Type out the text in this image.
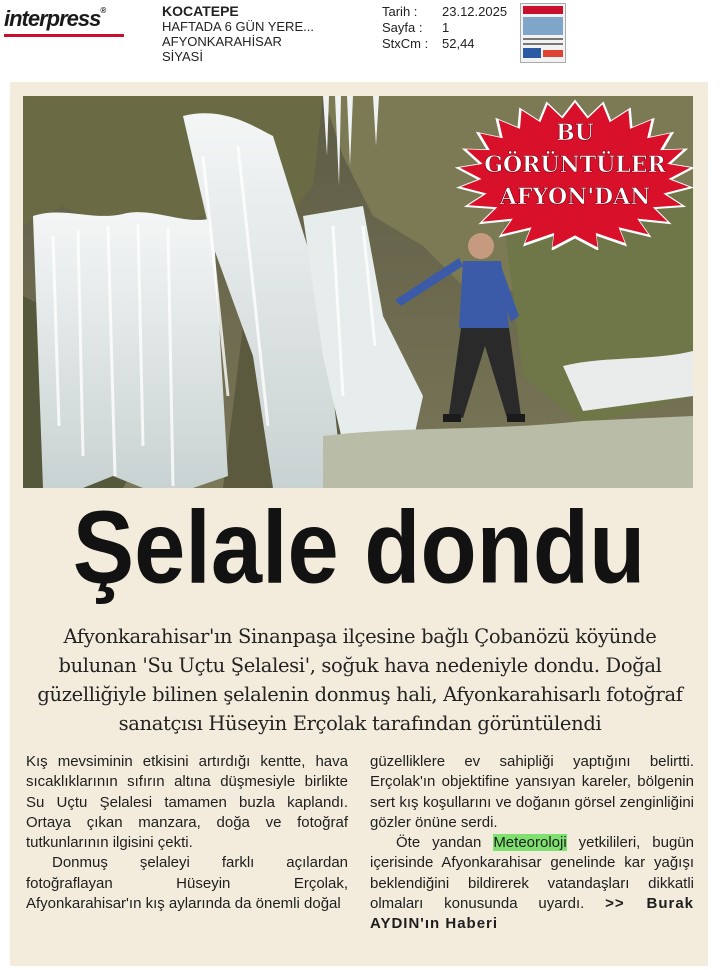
interpress®	KOCATEPE
HAFTADA 6 GÜN YERE...
AFYONKARAHİSAR
SİYASİ
Tarih : 23.12.2025
Sayfa : 1
StxCm : 52,44
BU
GÖRÜNTÜLER
AFYON'DAN
Şelale dondu
Afyonkarahisar'ın Sinanpaşa ilçesine bağlı Çobanözü köyünde bulunan 'Su Uçtu Şelalesi', soğuk hava nedeniyle dondu. Doğal güzelliğiyle bilinen şelalenin donmuş hali, Afyonkarahisarlı fotoğraf sanatçısı Hüseyin Erçolak tarafından görüntülendi

Kış mevsiminin etkisini artırdığı kentte, hava sıcaklıklarının sıfırın altına düşmesiyle birlikte Su Uçtu Şelalesi tamamen buzla kaplandı. Ortaya çıkan manzara, doğa ve fotoğraf tutkunlarının ilgisini çekti.

Donmuş şelaleyi farklı açılardan fotoğraflayan Hüseyin Erçolak, Afyonkarahisar'ın kış aylarında da önemli doğal

güzelliklere ev sahipliği yaptığını belirtti. Erçolak'ın objektifine yansıyan kareler, bölgenin sert kış koşullarını ve doğanın görsel zenginliğini gözler önüne serdi.

Öte yandan Meteoroloji yetkilileri, bugün içerisinde Afyonkarahisar genelinde kar yağışı beklendiğini bildirerek vatandaşları dikkatli olmaları konusunda uyardı. >> Burak AYDIN'ın Haberi
